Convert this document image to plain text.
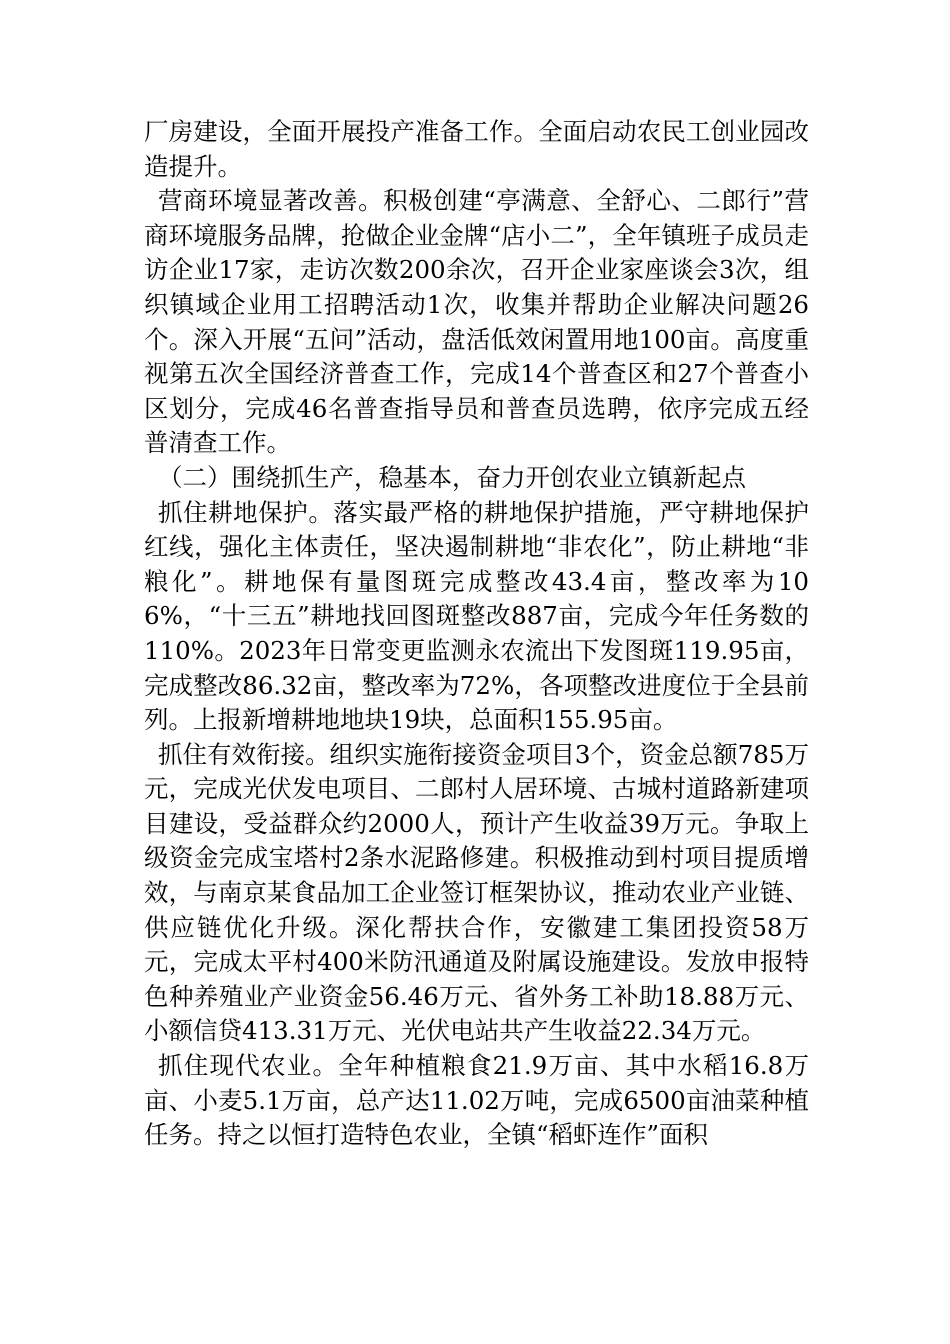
厂房建设，全面开展投产准备工作。全面启动农民工创业园改造提升。

营商环境显著改善。积极创建“亭满意、全舒心、二郎行”营商环境服务品牌，抢做企业金牌“店小二”，全年镇班子成员走访企业17家，走访次数200余次，召开企业家座谈会3次，组织镇域企业用工招聘活动1次，收集并帮助企业解决问题26个。深入开展“五问”活动，盘活低效闲置用地100亩。高度重视第五次全国经济普查工作，完成14个普查区和27个普查小区划分，完成46名普查指导员和普查员选聘，依序完成五经普清查工作。

（二）围绕抓生产，稳基本，奋力开创农业立镇新起点

抓住耕地保护。落实最严格的耕地保护措施，严守耕地保护红线，强化主体责任，坚决遏制耕地“非农化”，防止耕地“非粮化”。耕地保有量图斑完成整改43.4亩，整改率为106%，“十三五”耕地找回图斑整改887亩，完成今年任务数的110%。2023年日常变更监测永农流出下发图斑119.95亩，完成整改86.32亩，整改率为72%，各项整改进度位于全县前列。上报新增耕地地块19块，总面积155.95亩。

抓住有效衔接。组织实施衔接资金项目3个，资金总额785万元，完成光伏发电项目、二郎村人居环境、古城村道路新建项目建设，受益群众约2000人，预计产生收益39万元。争取上级资金完成宝塔村2条水泥路修建。积极推动到村项目提质增效，与南京某食品加工企业签订框架协议，推动农业产业链、供应链优化升级。深化帮扶合作，安徽建工集团投资58万元，完成太平村400米防汛通道及附属设施建设。发放申报特色种养殖业产业资金56.46万元、省外务工补助18.88万元、小额信贷413.31万元、光伏电站共产生收益22.34万元。

抓住现代农业。全年种植粮食21.9万亩、其中水稻16.8万亩、小麦5.1万亩，总产达11.02万吨，完成6500亩油菜种植任务。持之以恒打造特色农业，全镇“稻虾连作”面积
